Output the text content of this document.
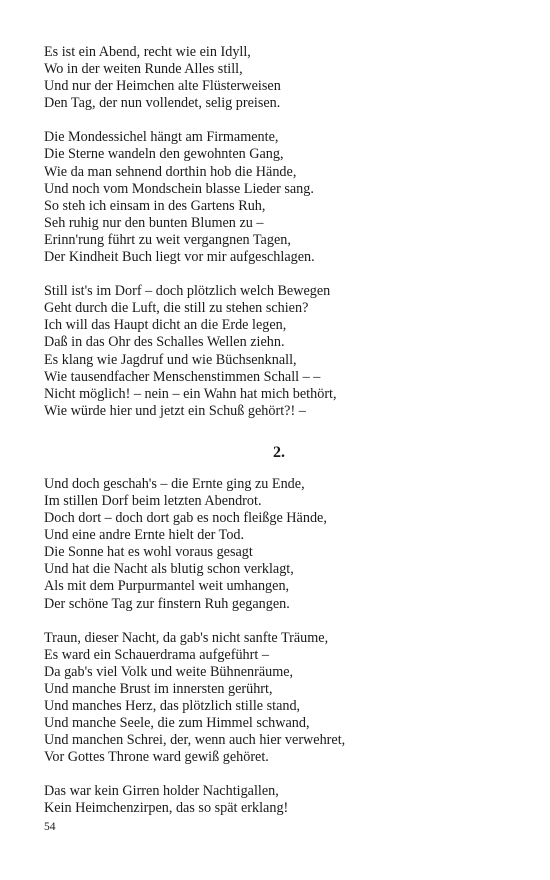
Es ist ein Abend, recht wie ein Idyll,
Wo in der weiten Runde Alles still,
Und nur der Heimchen alte Flüsterweisen
Den Tag, der nun vollendet, selig preisen.
Die Mondessichel hängt am Firmamente,
Die Sterne wandeln den gewohnten Gang,
Wie da man sehnend dorthin hob die Hände,
Und noch vom Mondschein blasse Lieder sang.
So steh ich einsam in des Gartens Ruh,
Seh ruhig nur den bunten Blumen zu –
Erinn'rung führt zu weit vergangnen Tagen,
Der Kindheit Buch liegt vor mir aufgeschlagen.
Still ist's im Dorf – doch plötzlich welch Bewegen
Geht durch die Luft, die still zu stehen schien?
Ich will das Haupt dicht an die Erde legen,
Daß in das Ohr des Schalles Wellen ziehn.
Es klang wie Jagdruf und wie Büchsenknall,
Wie tausendfacher Menschenstimmen Schall – –
Nicht möglich! – nein – ein Wahn hat mich bethört,
Wie würde hier und jetzt ein Schuß gehört?! –
2.
Und doch geschah's – die Ernte ging zu Ende,
Im stillen Dorf beim letzten Abendrot.
Doch dort – doch dort gab es noch fleißge Hände,
Und eine andre Ernte hielt der Tod.
Die Sonne hat es wohl voraus gesagt
Und hat die Nacht als blutig schon verklagt,
Als mit dem Purpurmantel weit umhangen,
Der schöne Tag zur finstern Ruh gegangen.
Traun, dieser Nacht, da gab's nicht sanfte Träume,
Es ward ein Schauerdrama aufgeführt –
Da gab's viel Volk und weite Bühnenräume,
Und manche Brust im innersten gerührt,
Und manches Herz, das plötzlich stille stand,
Und manche Seele, die zum Himmel schwand,
Und manchen Schrei, der, wenn auch hier verwehret,
Vor Gottes Throne ward gewiß gehöret.
Das war kein Girren holder Nachtigallen,
Kein Heimchenzirpen, das so spät erklang!
54
